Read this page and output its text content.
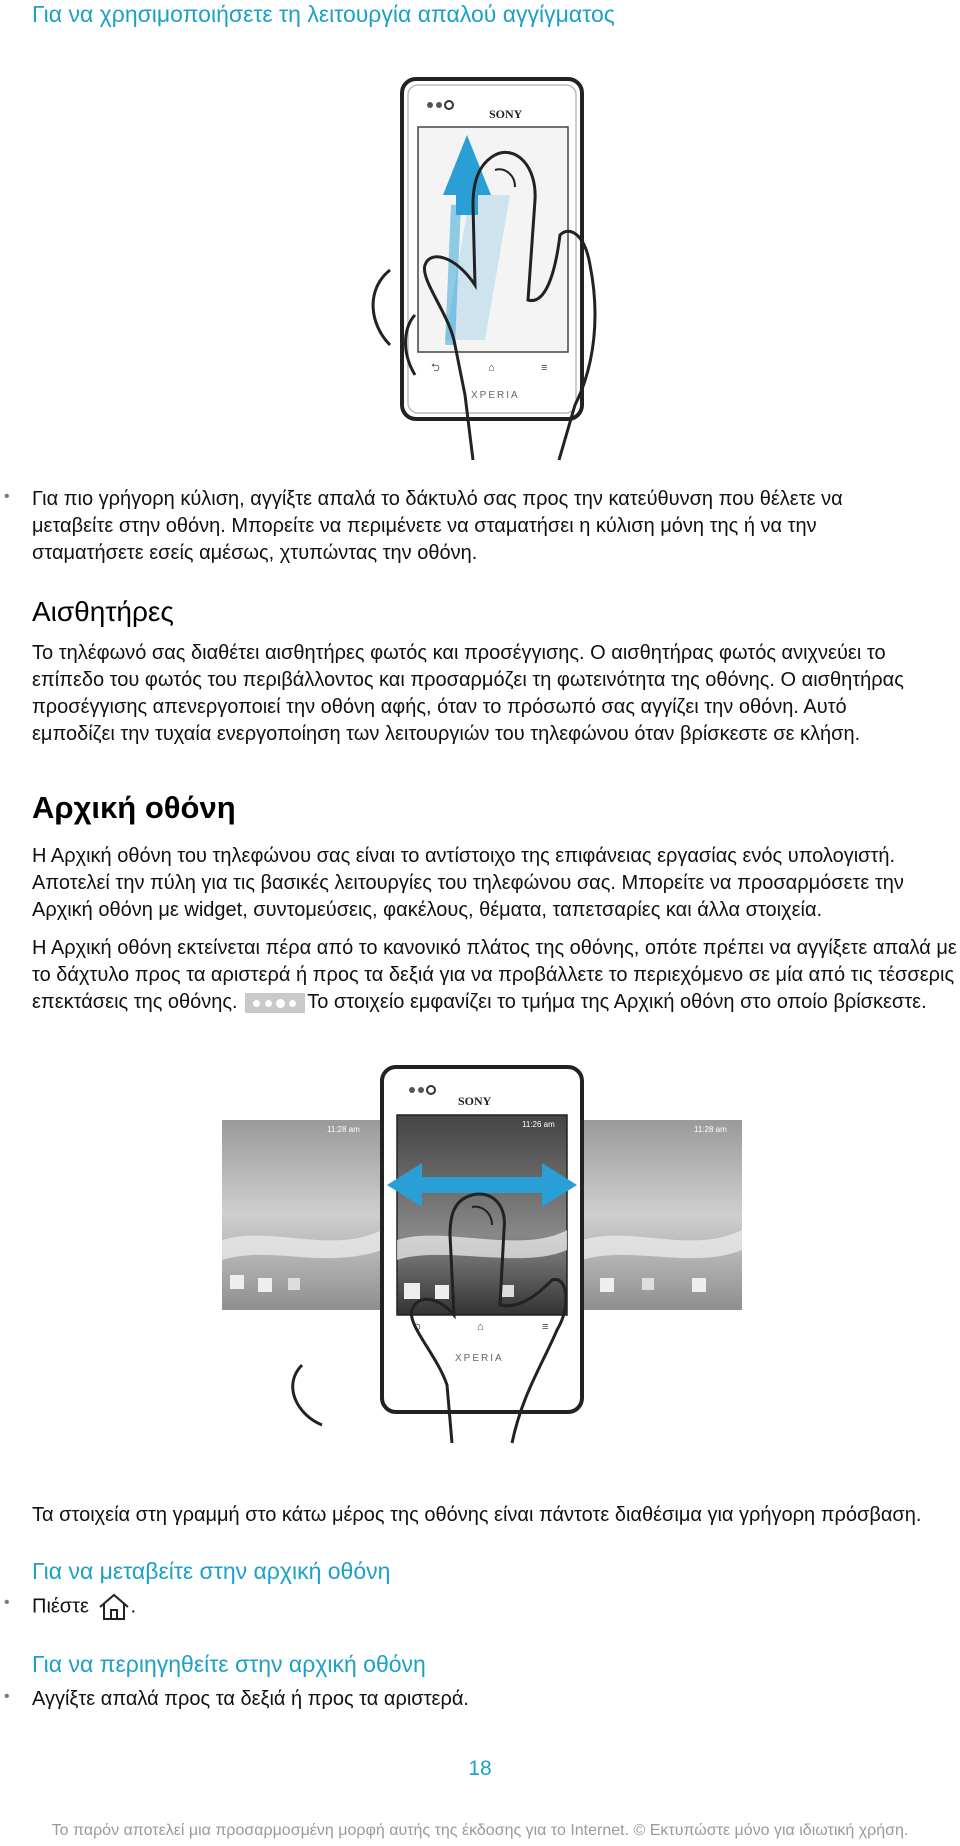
Για να χρησιμοποιήσετε τη λειτουργία απαλού αγγίγματος
SONY
⮌	⌂	≡
XPERIA
• Για πιο γρήγορη κύλιση, αγγίξτε απαλά το δάκτυλό σας προς την κατεύθυνση που θέλετε να μεταβείτε στην οθόνη. Μπορείτε να περιμένετε να σταματήσει η κύλιση μόνη της ή να την σταματήσετε εσείς αμέσως, χτυπώντας την οθόνη.
Αισθητήρες
Το τηλέφωνό σας διαθέτει αισθητήρες φωτός και προσέγγισης. Ο αισθητήρας φωτός ανιχνεύει το επίπεδο του φωτός του περιβάλλοντος και προσαρμόζει τη φωτεινότητα της οθόνης. Ο αισθητήρας προσέγγισης απενεργοποιεί την οθόνη αφής, όταν το πρόσωπό σας αγγίζει την οθόνη. Αυτό εμποδίζει την τυχαία ενεργοποίηση των λειτουργιών του τηλεφώνου όταν βρίσκεστε σε κλήση.
Αρχική οθόνη
Η Αρχική οθόνη του τηλεφώνου σας είναι το αντίστοιχο της επιφάνειας εργασίας ενός υπολογιστή. Αποτελεί την πύλη για τις βασικές λειτουργίες του τηλεφώνου σας. Μπορείτε να προσαρμόσετε την Αρχική οθόνη με widget, συντομεύσεις, φακέλους, θέματα, ταπετσαρίες και άλλα στοιχεία.
Η Αρχική οθόνη εκτείνεται πέρα από το κανονικό πλάτος της οθόνης, οπότε πρέπει να αγγίξετε απαλά με το δάχτυλο προς τα αριστερά ή προς τα δεξιά για να προβάλλετε το περιεχόμενο σε μία από τις τέσσερις επεκτάσεις της οθόνης.	Το στοιχείο εμφανίζει το τμήμα της Αρχική οθόνη στο οποίο βρίσκεστε.
11:28 am	11:28 am
SONY
11:26 am
⮌	⌂	≡
XPERIA
Τα στοιχεία στη γραμμή στο κάτω μέρος της οθόνης είναι πάντοτε διαθέσιμα για γρήγορη πρόσβαση.
Για να μεταβείτε στην αρχική οθόνη
• Πιέστε .
Για να περιηγηθείτε στην αρχική οθόνη
• Αγγίξτε απαλά προς τα δεξιά ή προς τα αριστερά.
18
Το παρόν αποτελεί μια προσαρμοσμένη μορφή αυτής της έκδοσης για το Internet. © Εκτυπώστε μόνο για ιδιωτική χρήση.
